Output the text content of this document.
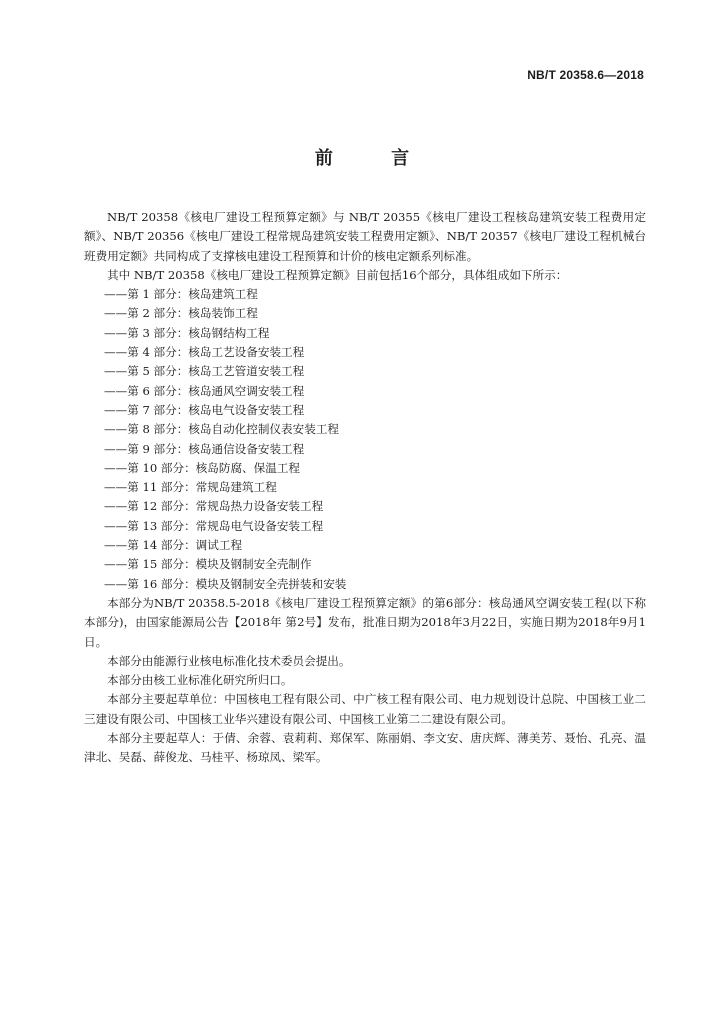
NB/T 20358.6—2018
前 言

NB/T 20358《核电厂建设工程预算定额》与 NB/T 20355《核电厂建设工程核岛建筑安装工程费用定额》、NB/T 20356《核电厂建设工程常规岛建筑安装工程费用定额》、NB/T 20357《核电厂建设工程机械台班费用定额》共同构成了支撑核电建设工程预算和计价的核电定额系列标准。

其中 NB/T 20358《核电厂建设工程预算定额》目前包括16个部分，具体组成如下所示：

——第 1 部分：核岛建筑工程
——第 2 部分：核岛装饰工程
——第 3 部分：核岛钢结构工程
——第 4 部分：核岛工艺设备安装工程
——第 5 部分：核岛工艺管道安装工程
——第 6 部分：核岛通风空调安装工程
——第 7 部分：核岛电气设备安装工程
——第 8 部分：核岛自动化控制仪表安装工程
——第 9 部分：核岛通信设备安装工程
——第 10 部分：核岛防腐、保温工程
——第 11 部分：常规岛建筑工程
——第 12 部分：常规岛热力设备安装工程
——第 13 部分：常规岛电气设备安装工程
——第 14 部分：调试工程
——第 15 部分：模块及钢制安全壳制作
——第 16 部分：模块及钢制安全壳拼装和安装

本部分为NB/T 20358.5-2018《核电厂建设工程预算定额》的第6部分：核岛通风空调安装工程(以下称本部分)，由国家能源局公告【2018年 第2号】发布，批准日期为2018年3月22日，实施日期为2018年9月1日。

本部分由能源行业核电标准化技术委员会提出。

本部分由核工业标准化研究所归口。

本部分主要起草单位：中国核电工程有限公司、中广核工程有限公司、电力规划设计总院、中国核工业二三建设有限公司、中国核工业华兴建设有限公司、中国核工业第二二建设有限公司。

本部分主要起草人：于倩、余蓉、袁莉莉、郑保军、陈丽娟、李文安、唐庆辉、薄美芳、聂怡、孔亮、温津北、吴磊、薛俊龙、马桂平、杨琼凤、梁军。
